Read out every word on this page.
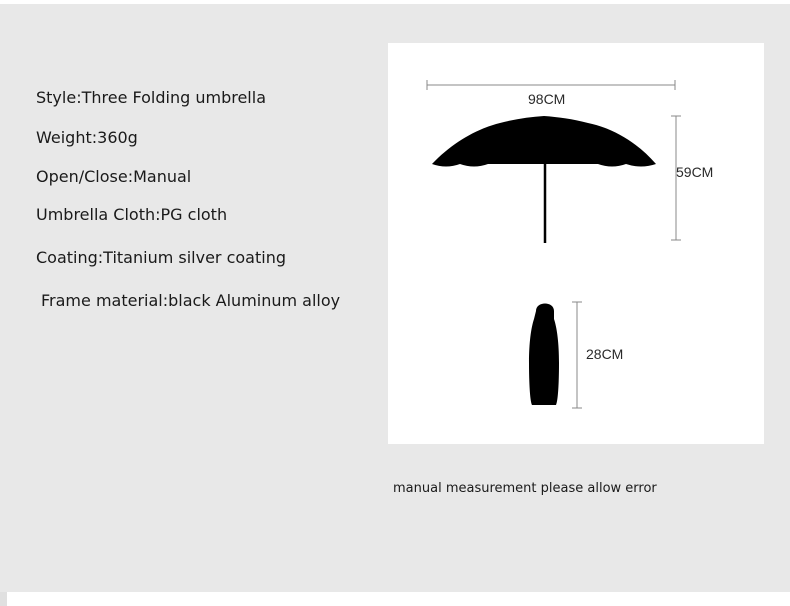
Style:Three Folding umbrella
Weight:360g
Open/Close:Manual
Umbrella Cloth:PG cloth
Coating:Titanium silver coating
Frame material:black Aluminum alloy
98CM
59CM
28CM
manual measurement please allow error
